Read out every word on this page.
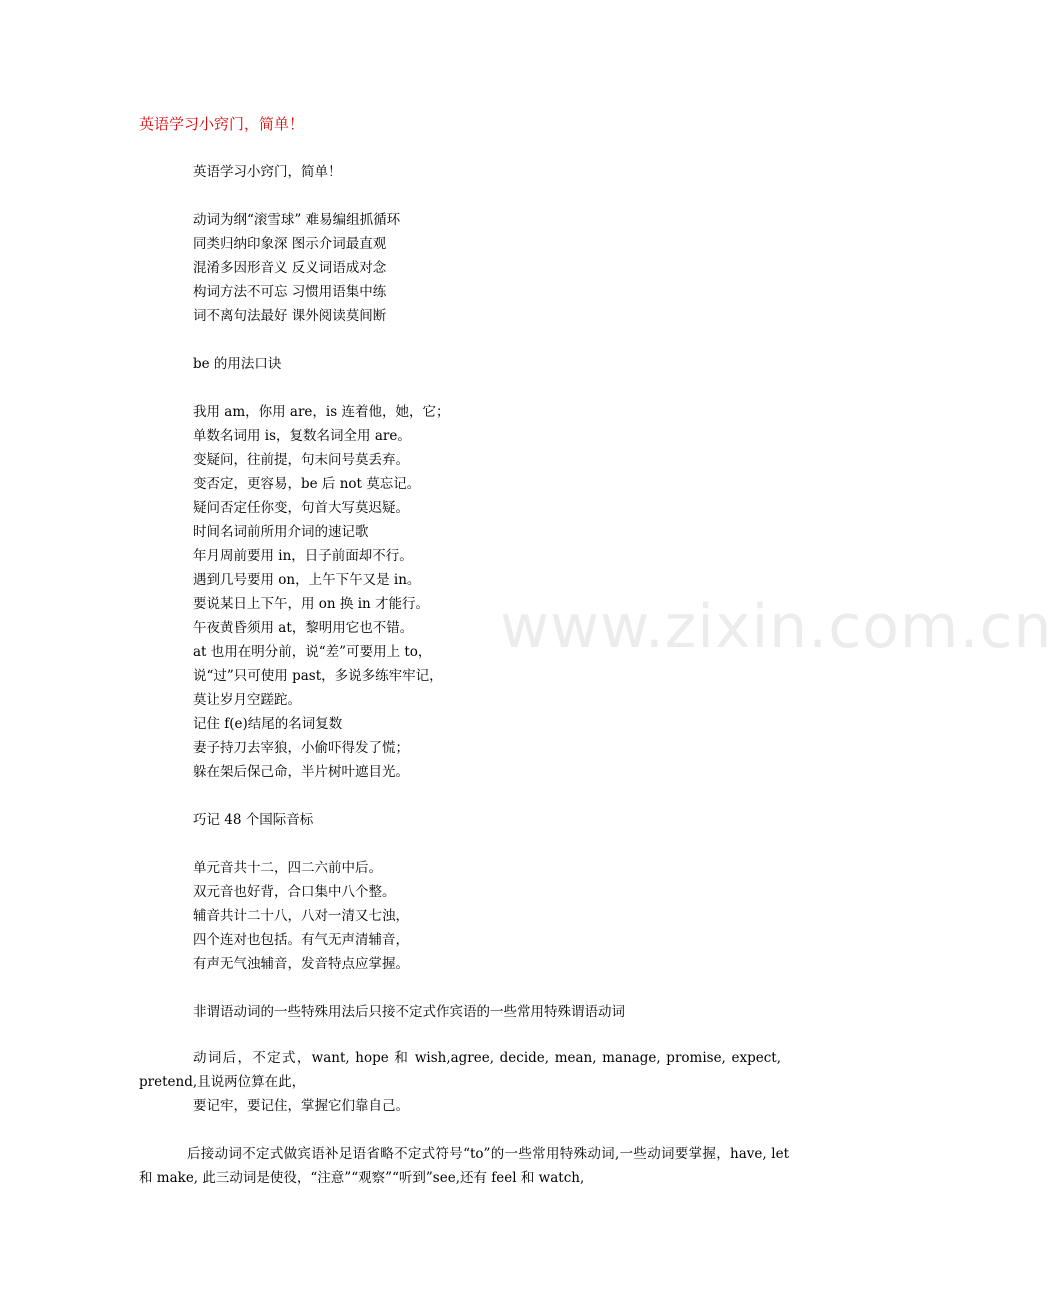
英语学习小窍门，简单！
英语学习小窍门，简单！
动词为纲“滚雪球” 难易编组抓循环
同类归纳印象深 图示介词最直观
混淆多因形音义 反义词语成对念
构词方法不可忘 习惯用语集中练
词不离句法最好 课外阅读莫间断
be 的用法口诀
我用 am，你用 are，is 连着他，她，它；
单数名词用 is，复数名词全用 are。
变疑问，往前提，句末问号莫丢弃。
变否定，更容易，be 后 not 莫忘记。
疑问否定任你变，句首大写莫迟疑。
时间名词前所用介词的速记歌
年月周前要用 in，日子前面却不行。
遇到几号要用 on，上午下午又是 in。
要说某日上下午，用 on 换 in 才能行。
午夜黄昏须用 at，黎明用它也不错。
at 也用在明分前，说“差”可要用上 to，
说“过”只可使用 past，多说多练牢牢记，
莫让岁月空蹉跎。
记住 f(e)结尾的名词复数
妻子持刀去宰狼，小偷吓得发了慌；
躲在架后保己命，半片树叶遮目光。
巧记 48 个国际音标
单元音共十二，四二六前中后。
双元音也好背，合口集中八个整。
辅音共计二十八，八对一清又七浊，
四个连对也包括。有气无声清辅音，
有声无气浊辅音，发音特点应掌握。
非谓语动词的一些特殊用法后只接不定式作宾语的一些常用特殊谓语动词
动词后，不定式，want, hope 和 wish,agree, decide, mean, manage, promise, expect, pretend,且说两位算在此，
要记牢，要记住，掌握它们靠自己。
后接动词不定式做宾语补足语省略不定式符号“to”的一些常用特殊动词,一些动词要掌握，have, let 和 make, 此三动词是使役，“注意”“观察”“听到”see,还有 feel 和 watch,
www.zixin.com.cn
